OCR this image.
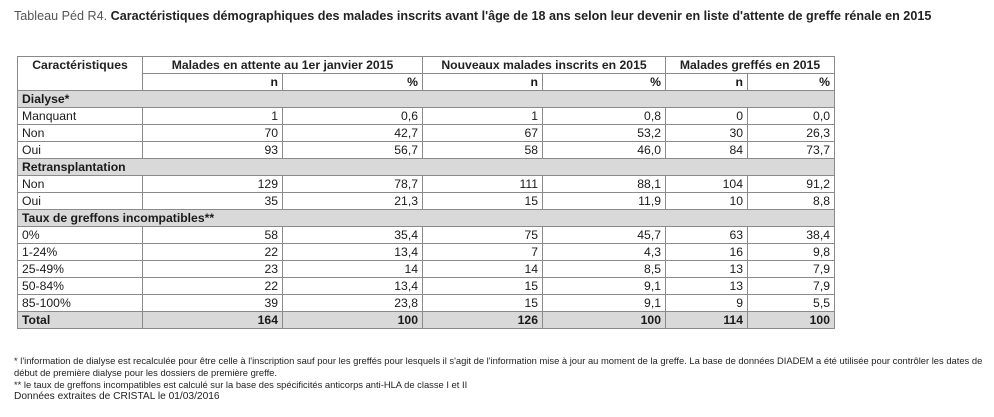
Tableau Péd R4. Caractéristiques démographiques des malades inscrits avant l'âge de 18 ans selon leur devenir en liste d'attente de greffe rénale en 2015
Caractéristiques	Malades en attente au 1er janvier 2015		Nouveaux malades inscrits en 2015		Malades greffés en 2015	
	n	%	n	%	n	%
Dialyse*						
Manquant	1	0,6	1	0,8	0	0,0
Non	70	42,7	67	53,2	30	26,3
Oui	93	56,7	58	46,0	84	73,7
Retransplantation						
Non	129	78,7	111	88,1	104	91,2
Oui	35	21,3	15	11,9	10	8,8
Taux de greffons incompatibles**						
0%	58	35,4	75	45,7	63	38,4
1-24%	22	13,4	7	4,3	16	9,8
25-49%	23	14	14	8,5	13	7,9
50-84%	22	13,4	15	9,1	13	7,9
85-100%	39	23,8	15	9,1	9	5,5
Total	164	100	126	100	114	100
* l'information de dialyse est recalculée pour être celle à l'inscription sauf pour les greffés pour lesquels il s'agit de l'information mise à jour au moment de la greffe. La base de données DIADEM a été utilisée pour contrôler les dates de début de première dialyse pour les dossiers de première greffe.
** le taux de greffons incompatibles est calculé sur la base des spécificités anticorps anti-HLA de classe I et II
Données extraites de CRISTAL le 01/03/2016
